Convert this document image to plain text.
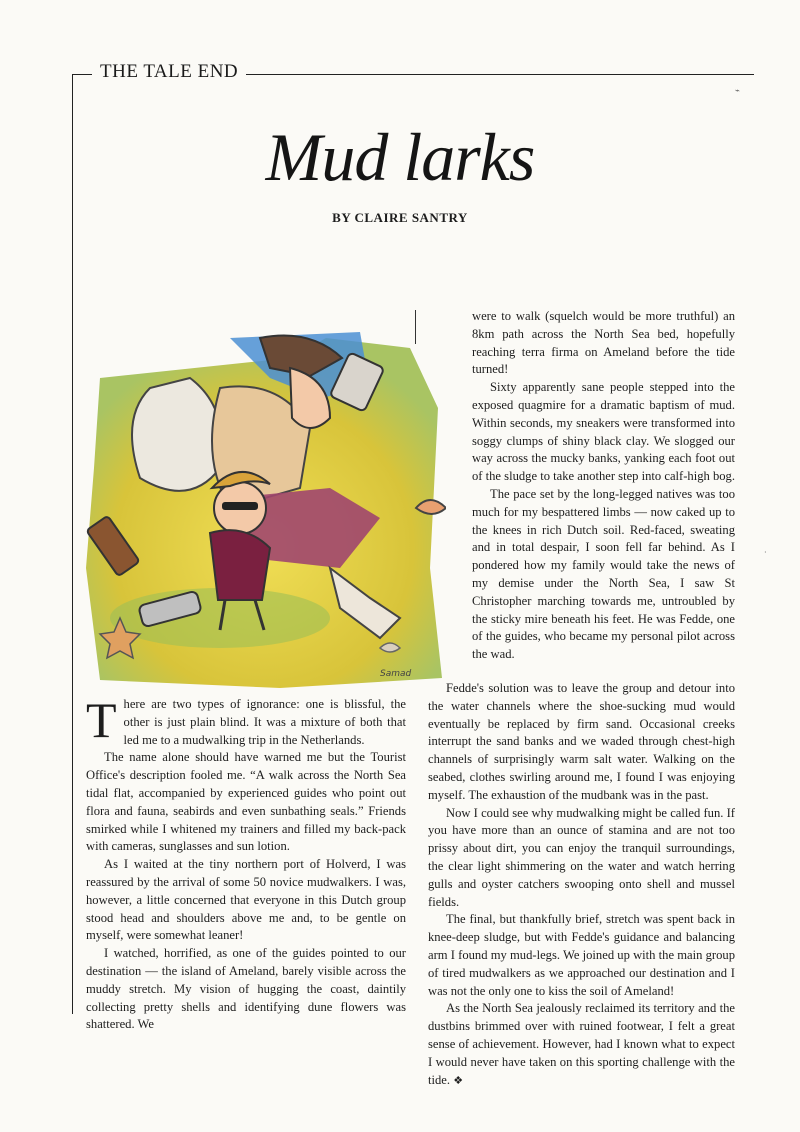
THE TALE END
Mud larks
BY CLAIRE SANTRY
Samad

were to walk (squelch would be more truthful) an 8km path across the North Sea bed, hopefully reaching terra firma on Ameland before the tide turned!

Sixty apparently sane people stepped into the exposed quagmire for a dramatic baptism of mud. Within seconds, my sneakers were transformed into soggy clumps of shiny black clay. We slogged our way across the mucky banks, yanking each foot out of the sludge to take another step into calf-high bog.

The pace set by the long-legged natives was too much for my bespattered limbs — now caked up to the knees in rich Dutch soil. Red-faced, sweating and in total despair, I soon fell far behind. As I pondered how my family would take the news of my demise under the North Sea, I saw St Christopher marching towards me, untroubled by the sticky mire beneath his feet. He was Fedde, one of the guides, who became my personal pilot across the wad.

Fedde's solution was to leave the group and detour into the water channels where the shoe-sucking mud would eventually be replaced by firm sand. Occasional creeks interrupt the sand banks and we waded through chest-high channels of surprisingly warm salt water. Walking on the seabed, clothes swirling around me, I found I was enjoying myself. The exhaustion of the mudbank was in the past.

Now I could see why mudwalking might be called fun. If you have more than an ounce of stamina and are not too prissy about dirt, you can enjoy the tranquil surroundings, the clear light shimmering on the water and watch herring gulls and oyster catchers swooping onto shell and mussel fields.

The final, but thankfully brief, stretch was spent back in knee-deep sludge, but with Fedde's guidance and balancing arm I found my mud-legs. We joined up with the main group of tired mudwalkers as we approached our destination and I was not the only one to kiss the soil of Ameland!

As the North Sea jealously reclaimed its territory and the dustbins brimmed over with ruined footwear, I felt a great sense of achievement. However, had I known what to expect I would never have taken on this sporting challenge with the tide. ❖

There are two types of ignorance: one is blissful, the other is just plain blind. It was a mixture of both that led me to a mudwalking trip in the Netherlands.

The name alone should have warned me but the Tourist Office's description fooled me. “A walk across the North Sea tidal flat, accompanied by experienced guides who point out flora and fauna, seabirds and even sunbathing seals.” Friends smirked while I whitened my trainers and filled my back-pack with cameras, sunglasses and sun lotion.

As I waited at the tiny northern port of Holverd, I was reassured by the arrival of some 50 novice mudwalkers. I was, however, a little concerned that everyone in this Dutch group stood head and shoulders above me and, to be gentle on myself, were somewhat leaner!

I watched, horrified, as one of the guides pointed to our destination — the island of Ameland, barely visible across the muddy stretch. My vision of hugging the coast, daintily collecting pretty shells and identifying dune flowers was shattered. We

⌁
·
